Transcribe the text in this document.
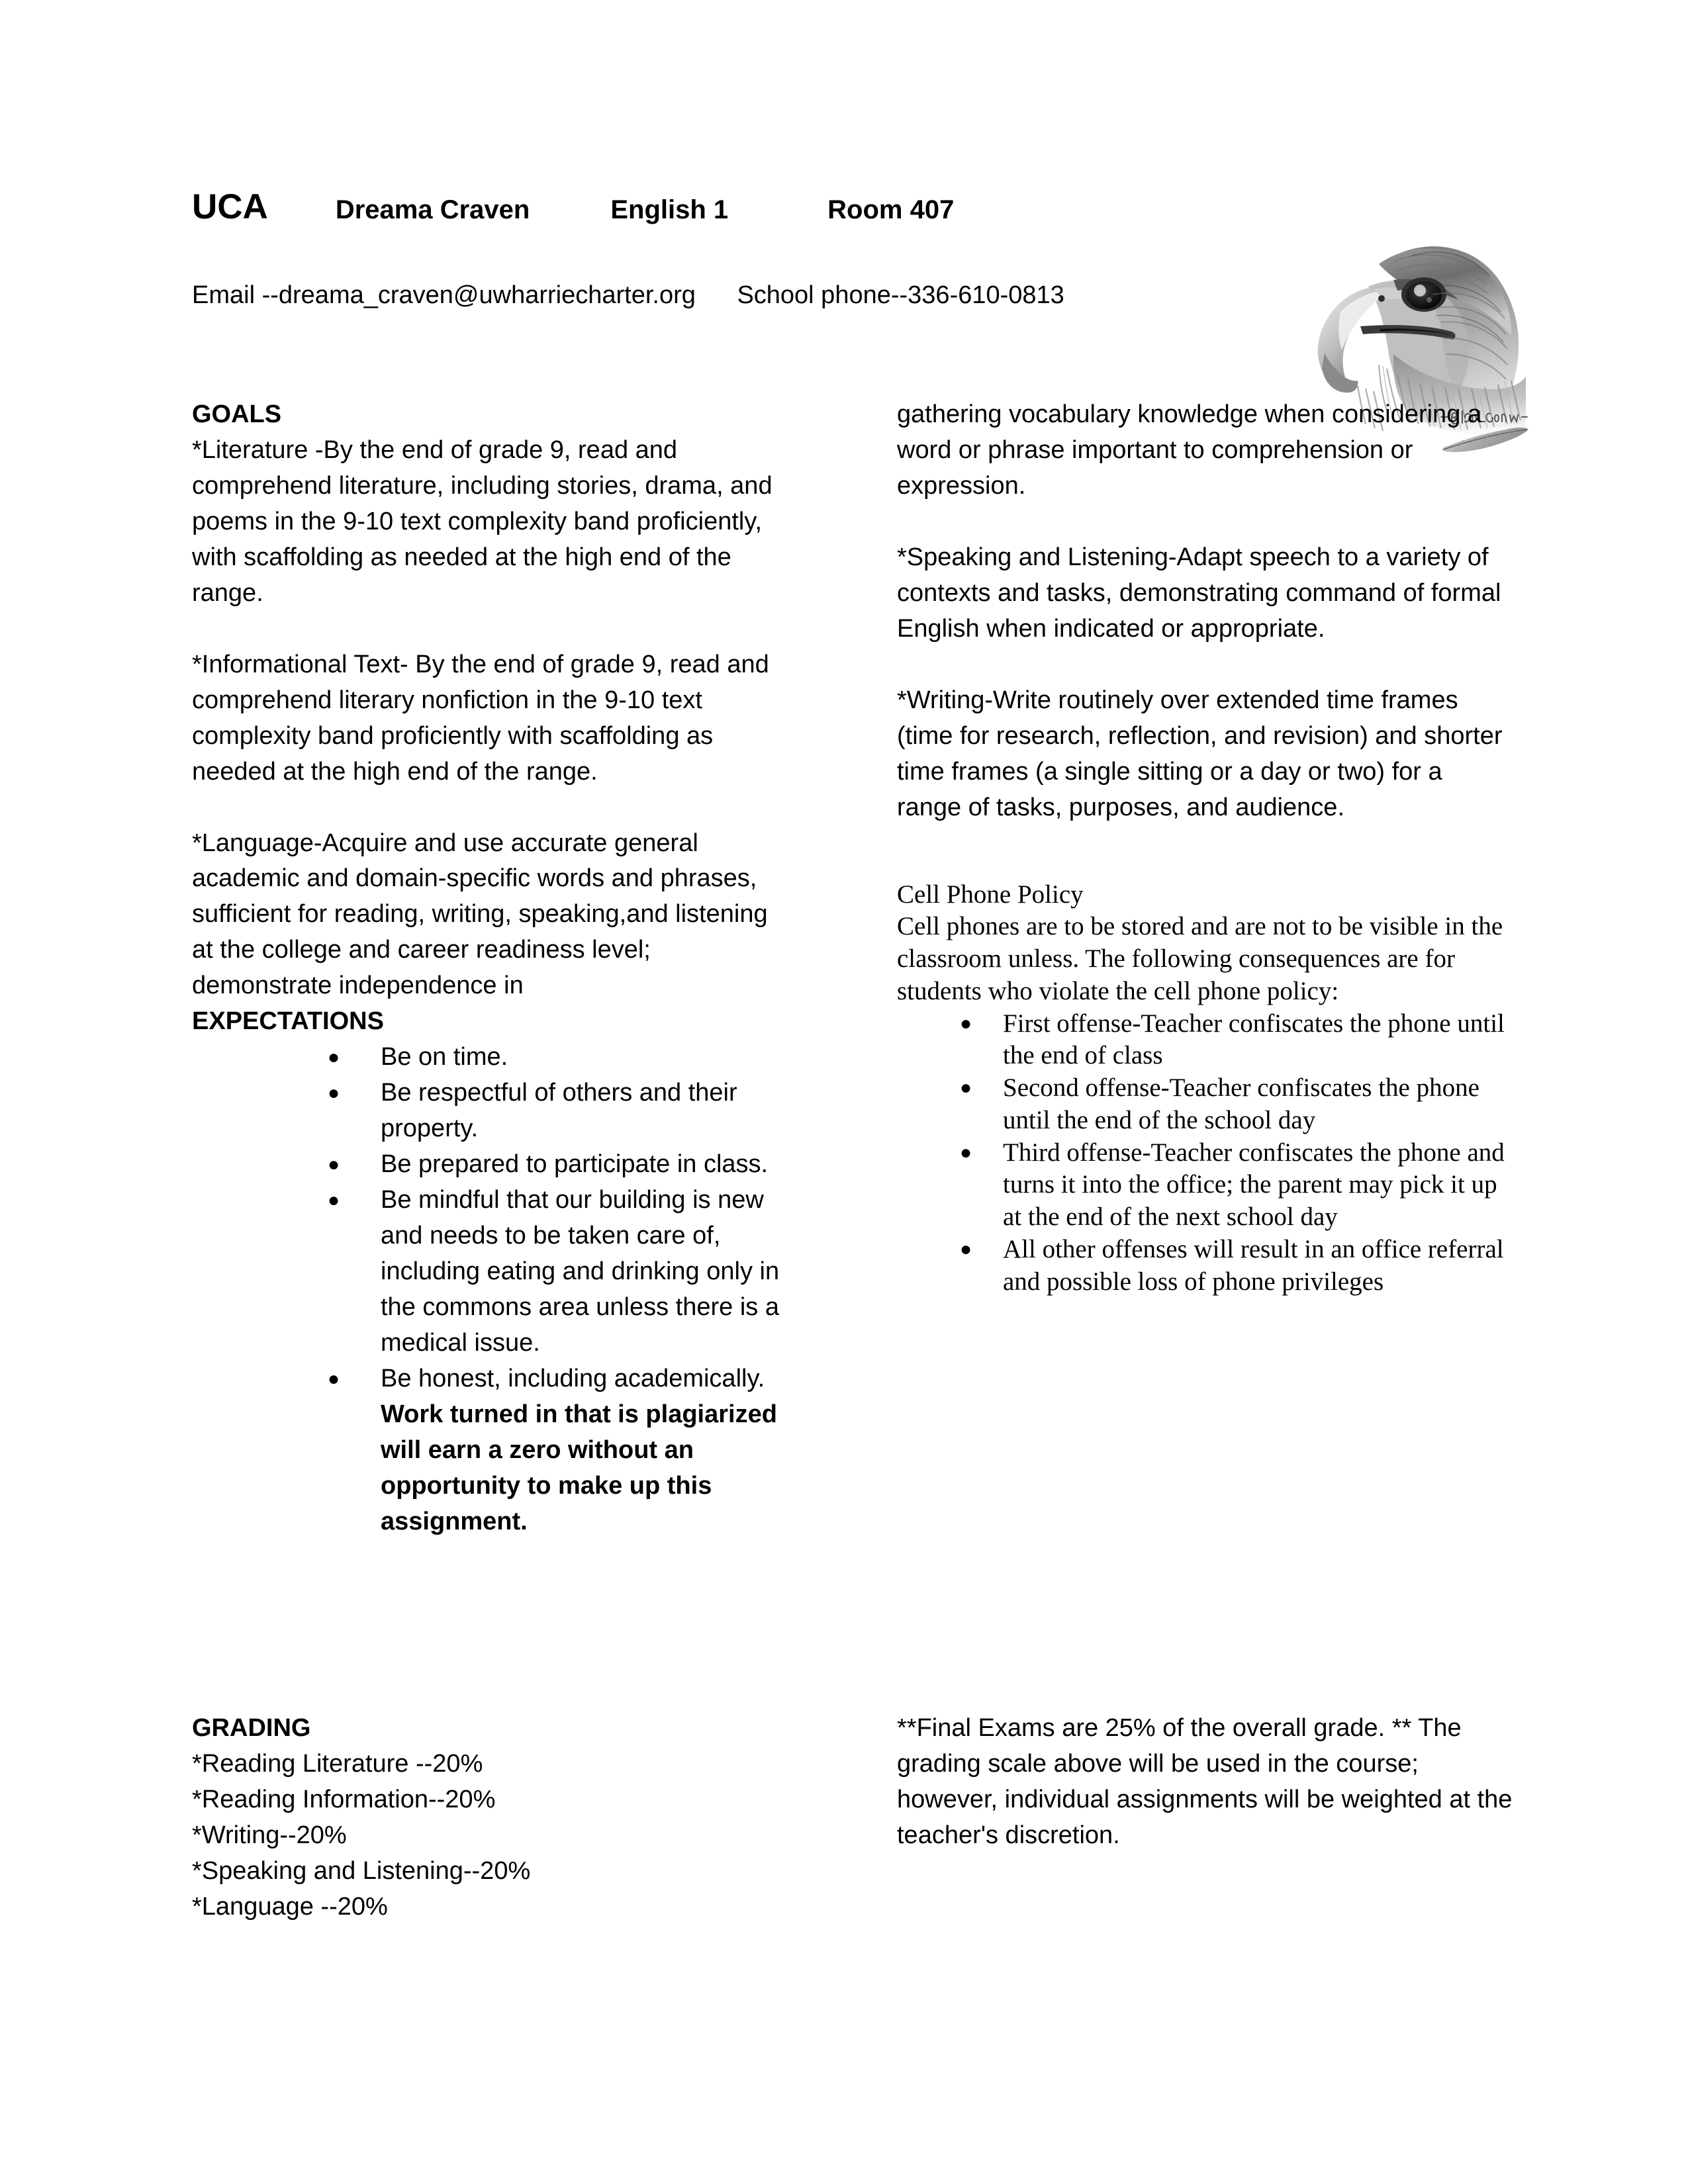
UCA	Dreama Craven	English 1	Room 407
Email --dreama_craven@uwharriecharter.org School phone--336-610-0813

GOALS

*Literature -By the end of grade 9, read and comprehend literature, including stories, drama, and poems in the 9-10 text complexity band proficiently, with scaffolding as needed at the high end of the range.

*Informational Text- By the end of grade 9, read and comprehend literary nonfiction in the 9-10 text complexity band proficiently with scaffolding as needed at the high end of the range.

*Language-Acquire and use accurate general academic and domain-specific words and phrases, sufficient for reading, writing, speaking,and listening at the college and career readiness level; demonstrate independence in

EXPECTATIONS

● Be on time.
● Be respectful of others and their property.
● Be prepared to participate in class.
● Be mindful that our building is new and needs to be taken care of, including eating and drinking only in the commons area unless there is a medical issue.
● Be honest, including academically. Work turned in that is plagiarized will earn a zero without an opportunity to make up this assignment.

gathering vocabulary knowledge when considering a word or phrase important to comprehension or expression.

*Speaking and Listening-Adapt speech to a variety of contexts and tasks, demonstrating command of formal English when indicated or appropriate.

*Writing-Write routinely over extended time frames (time for research, reflection, and revision) and shorter time frames (a single sitting or a day or two) for a range of tasks, purposes, and audience.

Cell Phone Policy

Cell phones are to be stored and are not to be visible in the classroom unless. The following consequences are for students who violate the cell phone policy:

● First offense-Teacher confiscates the phone until the end of class
● Second offense-Teacher confiscates the phone until the end of the school day
● Third offense-Teacher confiscates the phone and turns it into the office; the parent may pick it up at the end of the next school day
● All other offenses will result in an office referral and possible loss of phone privileges

GRADING

*Reading Literature --20%

*Reading Information--20%

*Writing--20%

*Speaking and Listening--20%

*Language --20%

**Final Exams are 25% of the overall grade. ** The grading scale above will be used in the course; however, individual assignments will be weighted at the teacher's discretion.
